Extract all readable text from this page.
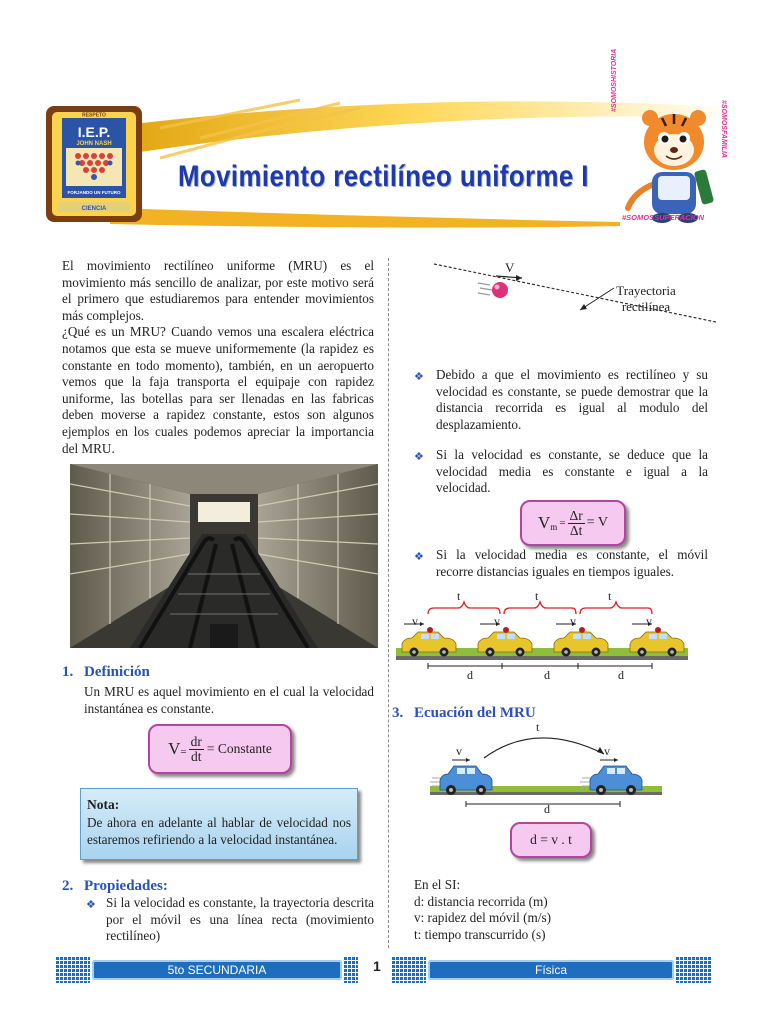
I.E.P.
JOHN NASH
FORJANDO UN FUTURO
CIENCIA
RESPETO
SUPERACIÓN
Movimiento rectilíneo uniforme I
#SOMOSHISTORIA
#SOMOSFAMILIA
#SOMOSSUPERACION
El movimiento rectilíneo uniforme (MRU) es el movimiento más sencillo de analizar, por este motivo será el primero que estudiaremos para entender movimientos más complejos.
¿Qué es un MRU? Cuando vemos una escalera eléctrica notamos que esta se mueve uniformemente (la rapidez es constante en todo momento), también, en un aeropuerto vemos que la faja transporta el equipaje con rapidez uniforme, las botellas para ser llenadas en las fabricas deben moverse a rapidez constante, estos son algunos ejemplos en los cuales podemos apreciar la importancia del MRU.
1. Definición
Un MRU es aquel movimiento en el cual la velocidad instantánea es constante.
$V = \frac{dr}{dt}$ = Constante
Nota:
De ahora en adelante al hablar de velocidad nos estaremos refiriendo a la velocidad instantánea.
2. Propiedades:
❖ Si la velocidad es constante, la trayectoria descrita por el móvil es una línea recta (movimiento rectilíneo)
V
Trayectoria rectilínea
❖ Debido a que el movimiento es rectilíneo y su velocidad es constante, se puede demostrar que la distancia recorrida es igual al modulo del desplazamiento.
❖ Si la velocidad es constante, se deduce que la velocidad media es constante e igual a la velocidad.
V $m = \frac{\Delta r}{\Delta t} = V$
❖ Si la velocidad media es constante, el móvil recorre distancias iguales en tiempos iguales.
t	t	t
v	v	v	v
d	d	d
3. Ecuación del MRU
t
v	v
d
d = v . t
En el SI:
d: distancia recorrida (m)
v: rapidez del móvil (m/s)
t: tiempo transcurrido (s)
5to SECUNDARIA	1	Física
